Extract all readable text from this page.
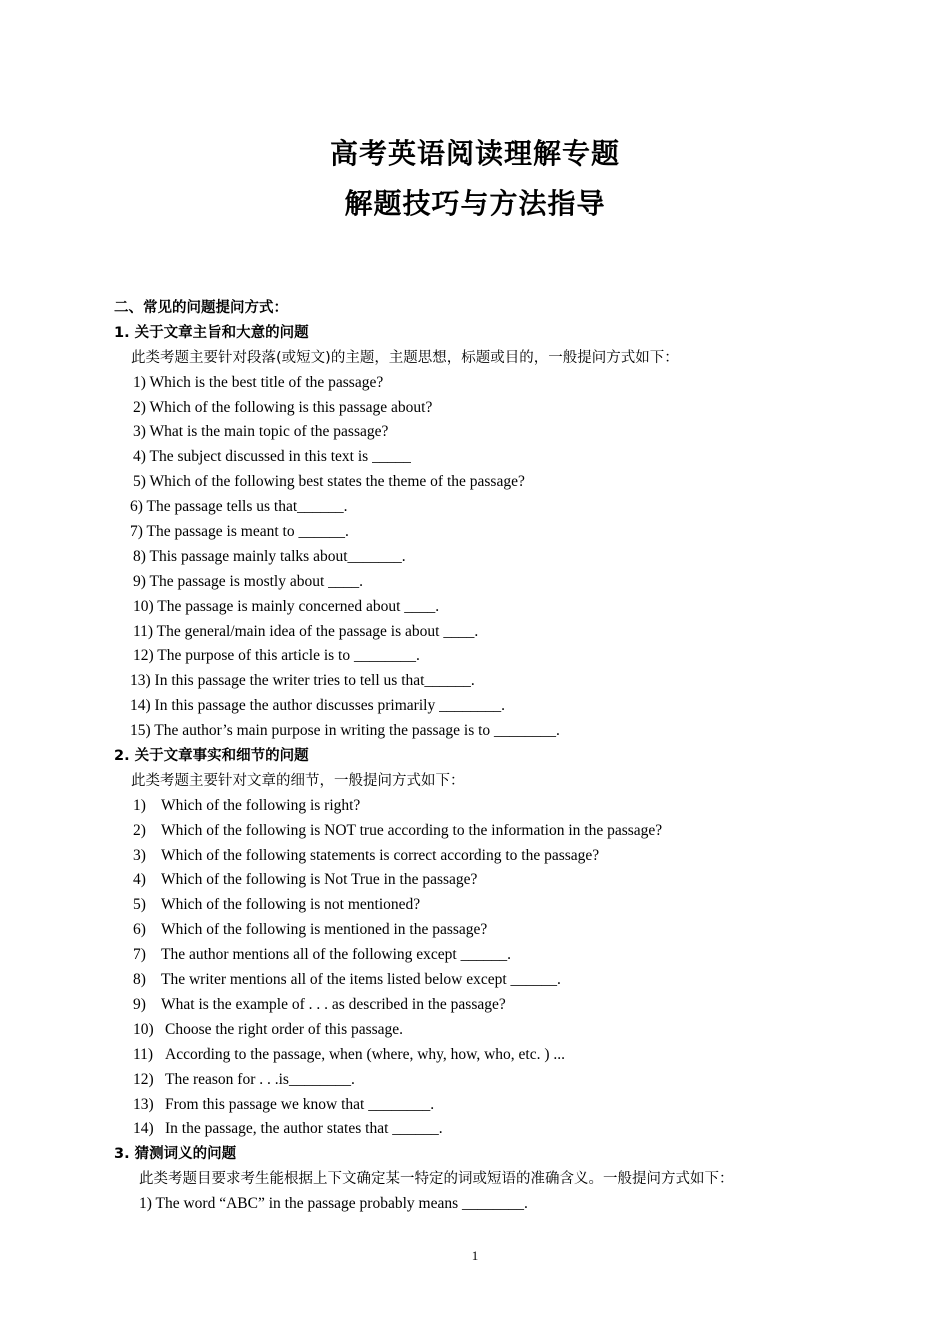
高考英语阅读理解专题
解题技巧与方法指导
二、常见的问题提问方式：
1. 关于文章主旨和大意的问题
此类考题主要针对段落(或短文)的主题，主题思想，标题或目的，一般提问方式如下：
1) Which is the best title of the passage?
2) Which of the following is this passage about?
3) What is the main topic of the passage?
4) The subject discussed in this text is _____
5) Which of the following best states the theme of the passage?
6) The passage tells us that______.
7) The passage is meant to ______.
8) This passage mainly talks about_______.
9) The passage is mostly about ____.
10) The passage is mainly concerned about ____.
11) The general/main idea of the passage is about ____.
12) The purpose of this article is to ________.
13) In this passage the writer tries to tell us that______.
14) In this passage the author discusses primarily ________.
15) The author’s main purpose in writing the passage is to ________.
2. 关于文章事实和细节的问题
此类考题主要针对文章的细节，一般提问方式如下：
1) Which of the following is right?
2) Which of the following is NOT true according to the information in the passage?
3) Which of the following statements is correct according to the passage?
4) Which of the following is Not True in the passage?
5) Which of the following is not mentioned?
6) Which of the following is mentioned in the passage?
7) The author mentions all of the following except ______.
8) The writer mentions all of the items listed below except ______.
9) What is the example of . . . as described in the passage?
10) Choose the right order of this passage.
11) According to the passage, when (where, why, how, who, etc. ) ...
12) The reason for . . .is________.
13) From this passage we know that ________.
14) In the passage, the author states that ______.
3. 猜测词义的问题
此类考题目要求考生能根据上下文确定某一特定的词或短语的准确含义。一般提问方式如下：
1) The word “ABC” in the passage probably means ________.
1
